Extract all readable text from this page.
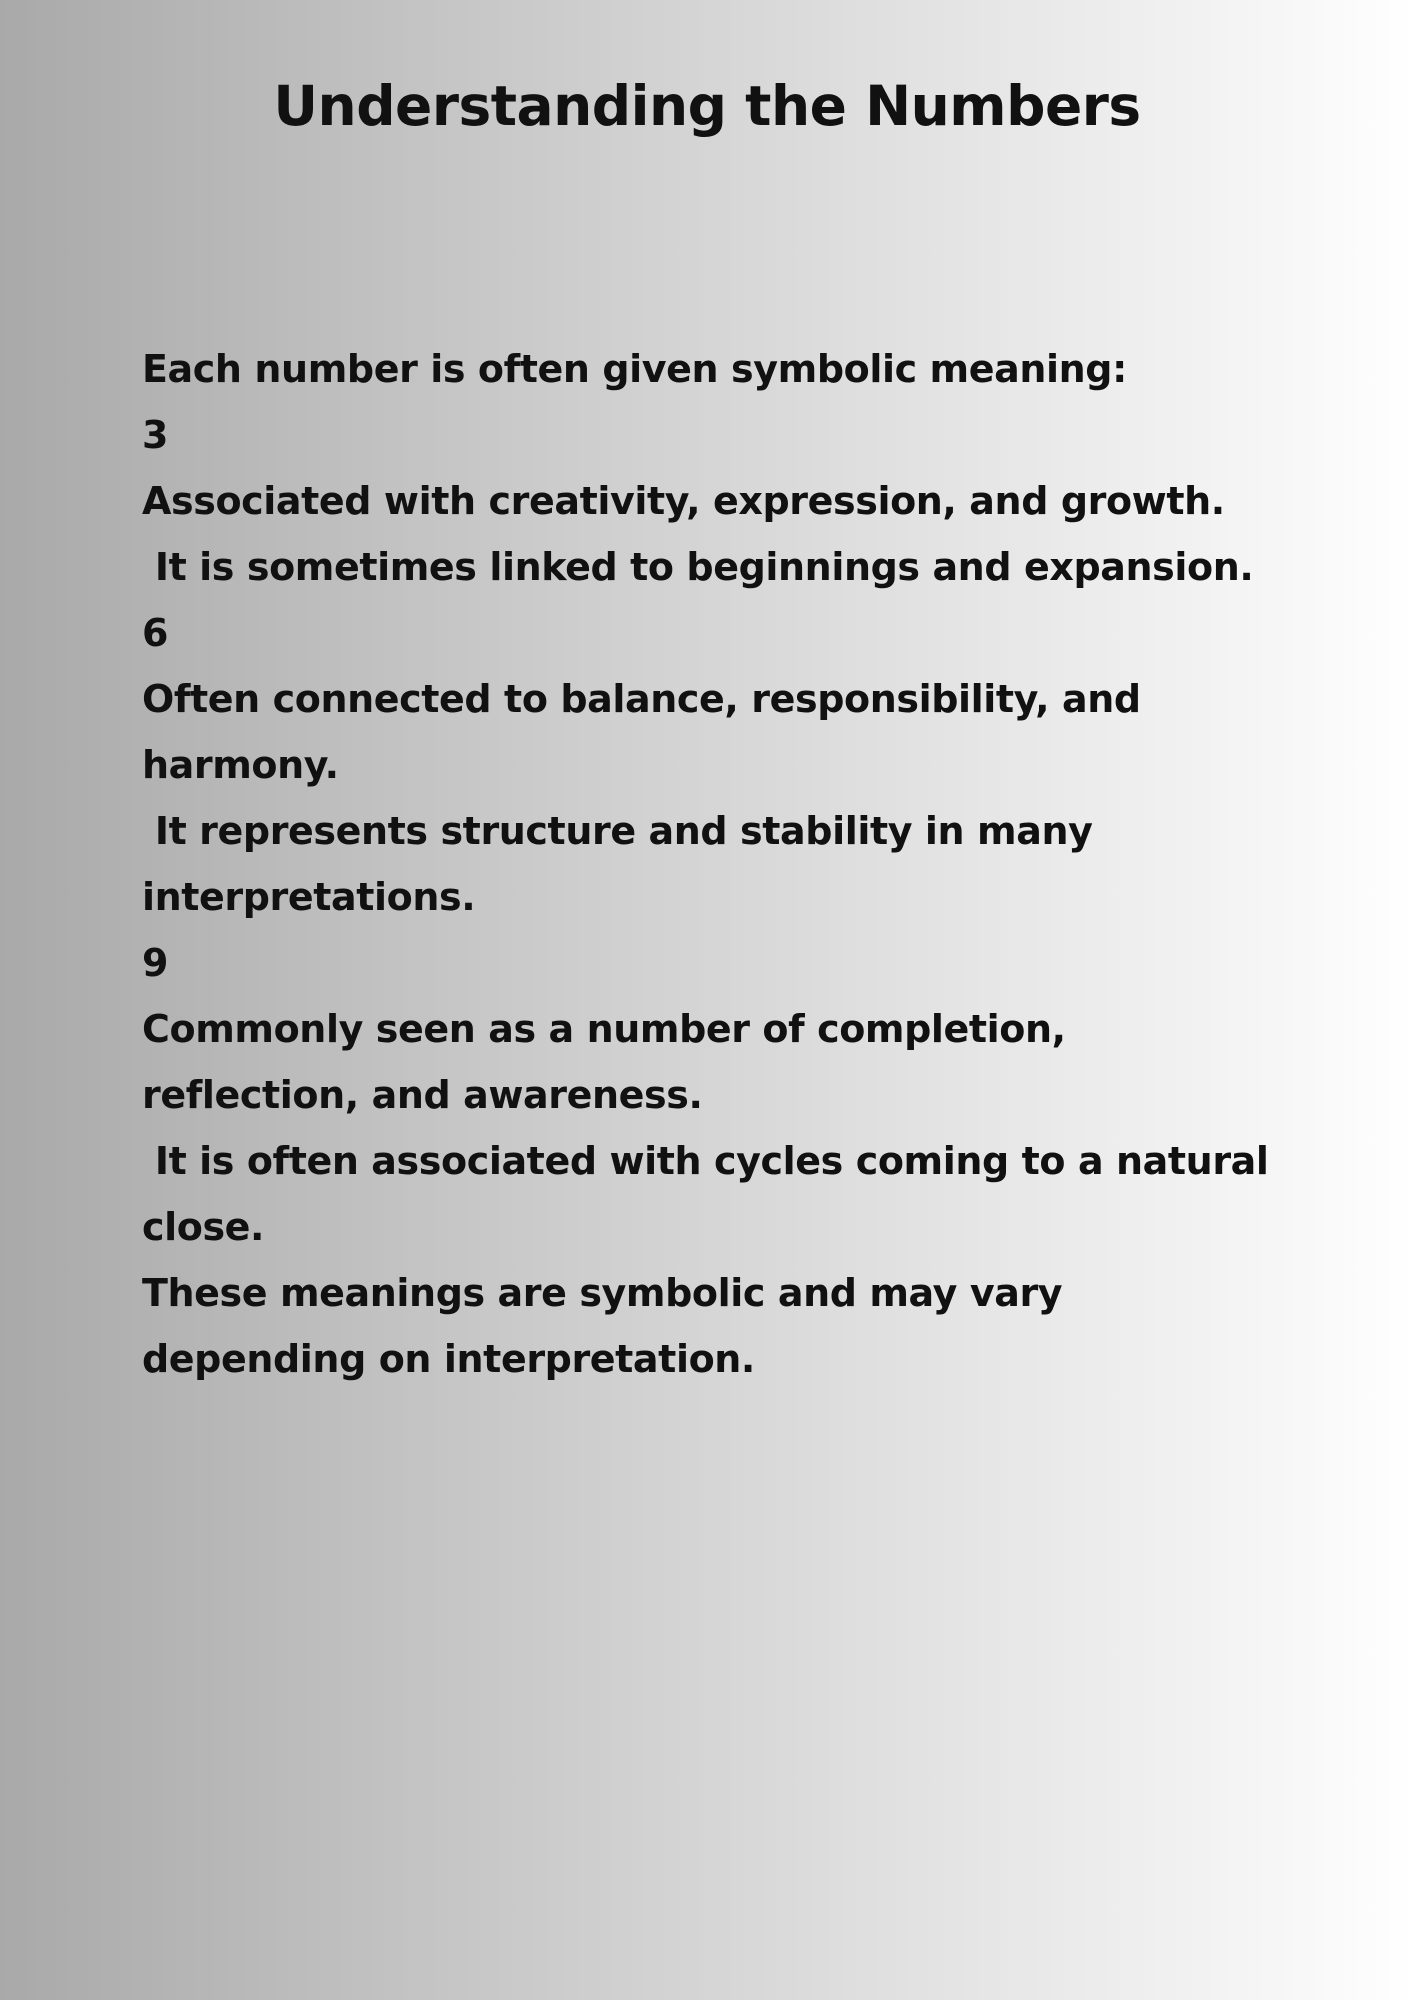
Understanding the Numbers

Each number is often given symbolic meaning:

3

Associated with creativity, expression, and growth.

It is sometimes linked to beginnings and expansion.

6

Often connected to balance, responsibility, and harmony.

It represents structure and stability in many interpretations.

9

Commonly seen as a number of completion, reflection, and awareness.

It is often associated with cycles coming to a natural close.

These meanings are symbolic and may vary depending on interpretation.
